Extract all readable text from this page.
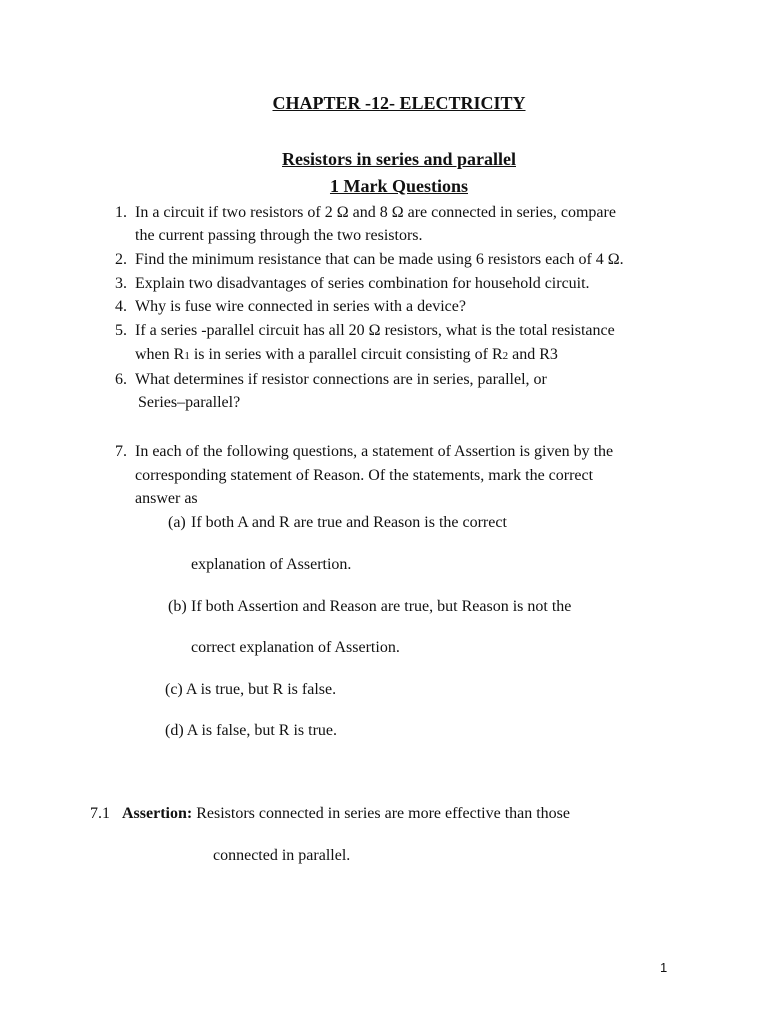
CHAPTER -12- ELECTRICITY
Resistors in series and parallel
1 Mark Questions
1. In a circuit if two resistors of 2 Ω and 8 Ω are connected in series, compare
the current passing through the two resistors.
2. Find the minimum resistance that can be made using 6 resistors each of 4 Ω.
3. Explain two disadvantages of series combination for household circuit.
4. Why is fuse wire connected in series with a device?
5. If a series -parallel circuit has all 20 Ω resistors, what is the total resistance
when R1 is in series with a parallel circuit consisting of R2 and R3
6. What determines if resistor connections are in series, parallel, or
Series–parallel?
7. In each of the following questions, a statement of Assertion is given by the
corresponding statement of Reason. Of the statements, mark the correct
answer as
(a) If both A and R are true and Reason is the correct
explanation of Assertion.
(b) If both Assertion and Reason are true, but Reason is not the
correct explanation of Assertion.
(c) A is true, but R is false.
(d) A is false, but R is true.
7.1 Assertion: Resistors connected in series are more effective than those
connected in parallel.
1
